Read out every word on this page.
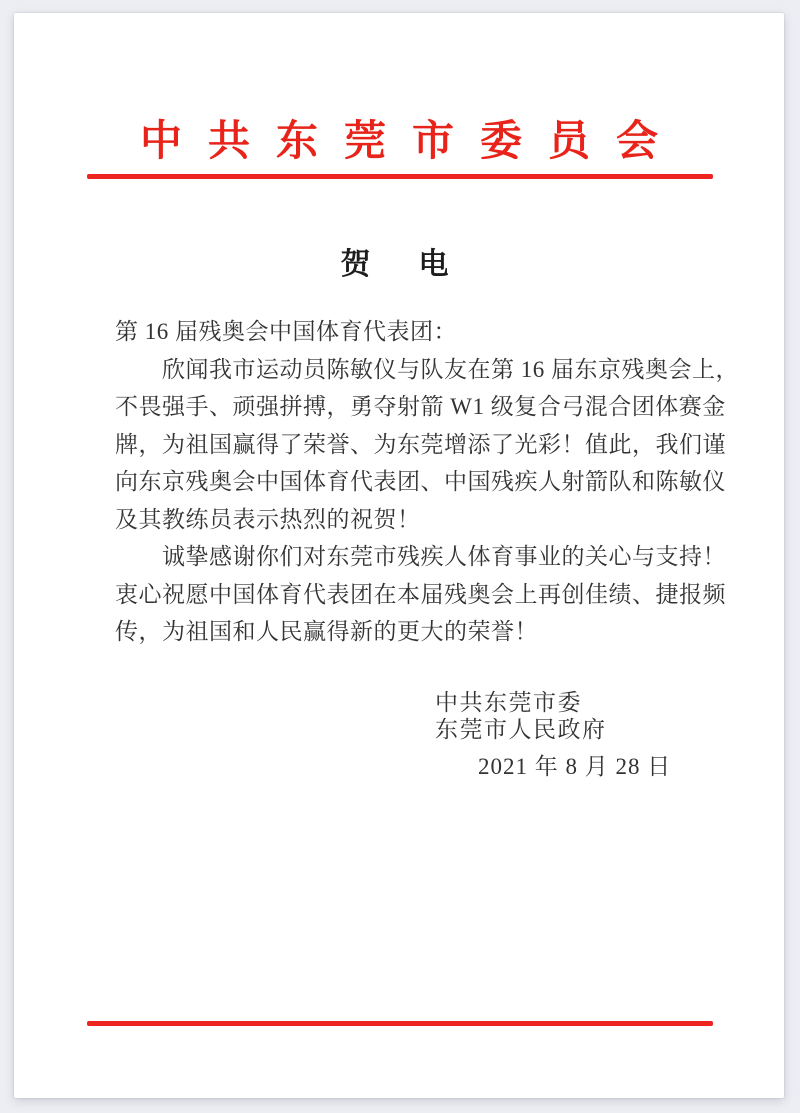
中共东莞市委员会
贺　电
第 16 届残奥会中国体育代表团：
欣闻我市运动员陈敏仪与队友在第 16 届东京残奥会上，
不畏强手、顽强拼搏，勇夺射箭 W1 级复合弓混合团体赛金
牌，为祖国赢得了荣誉、为东莞增添了光彩！值此，我们谨
向东京残奥会中国体育代表团、中国残疾人射箭队和陈敏仪
及其教练员表示热烈的祝贺！
诚挚感谢你们对东莞市残疾人体育事业的关心与支持！
衷心祝愿中国体育代表团在本届残奥会上再创佳绩、捷报频
传，为祖国和人民赢得新的更大的荣誉！
中共东莞市委
东莞市人民政府
2021 年 8 月 28 日
